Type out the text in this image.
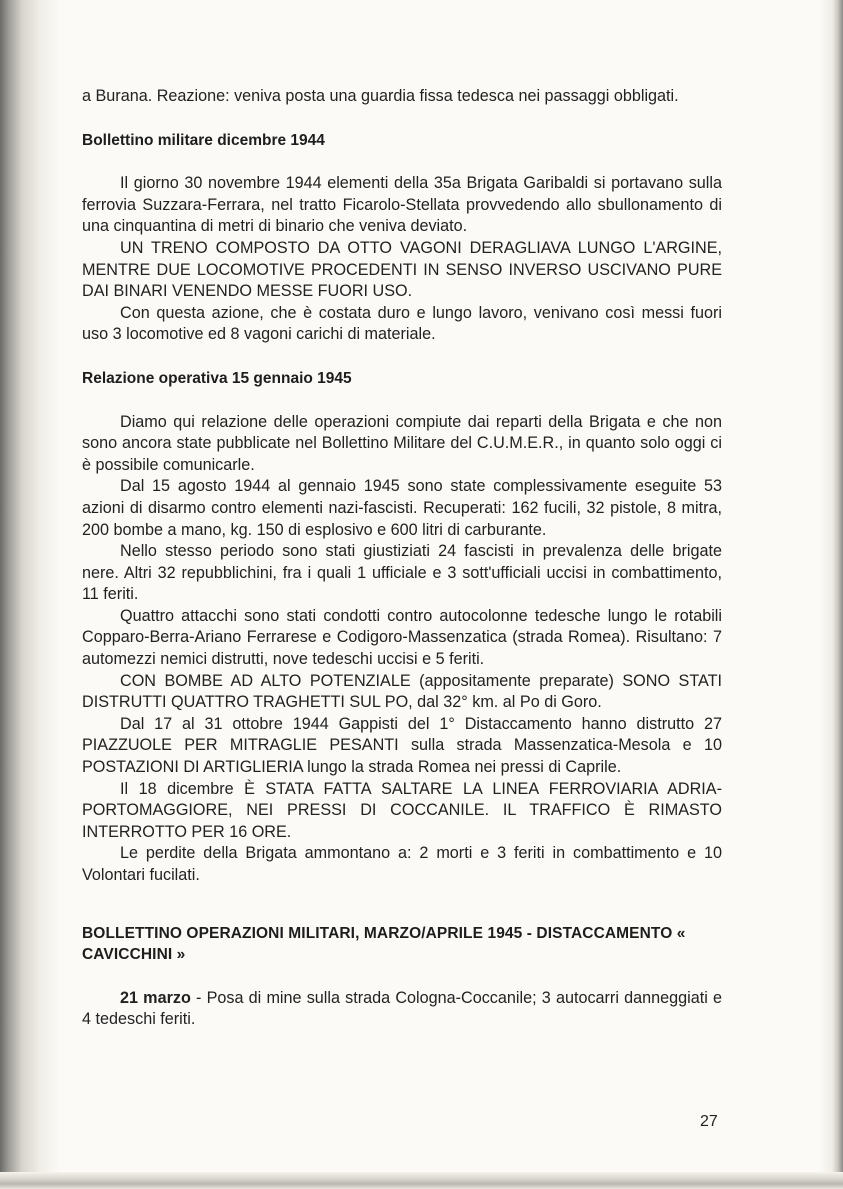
a Burana. Reazione: veniva posta una guardia fissa tedesca nei passaggi obbligati.

Bollettino militare dicembre 1944

Il giorno 30 novembre 1944 elementi della 35a Brigata Garibaldi si portavano sulla ferrovia Suzzara-Ferrara, nel tratto Ficarolo-Stellata provvedendo allo sbullonamento di una cinquantina di metri di binario che veniva deviato.

UN TRENO COMPOSTO DA OTTO VAGONI DERAGLIAVA LUNGO L'ARGINE, MENTRE DUE LOCOMOTIVE PROCEDENTI IN SENSO INVERSO USCIVANO PURE DAI BINARI VENENDO MESSE FUORI USO.

Con questa azione, che è costata duro e lungo lavoro, venivano così messi fuori uso 3 locomotive ed 8 vagoni carichi di materiale.

Relazione operativa 15 gennaio 1945

Diamo qui relazione delle operazioni compiute dai reparti della Brigata e che non sono ancora state pubblicate nel Bollettino Militare del C.U.M.E.R., in quanto solo oggi ci è possibile comunicarle.

Dal 15 agosto 1944 al gennaio 1945 sono state complessivamente eseguite 53 azioni di disarmo contro elementi nazi-fascisti. Recuperati: 162 fucili, 32 pistole, 8 mitra, 200 bombe a mano, kg. 150 di esplosivo e 600 litri di carburante.

Nello stesso periodo sono stati giustiziati 24 fascisti in prevalenza delle brigate nere. Altri 32 repubblichini, fra i quali 1 ufficiale e 3 sott'ufficiali uccisi in combattimento, 11 feriti.

Quattro attacchi sono stati condotti contro autocolonne tedesche lungo le rotabili Copparo-Berra-Ariano Ferrarese e Codigoro-Massenzatica (strada Romea). Risultano: 7 automezzi nemici distrutti, nove tedeschi uccisi e 5 feriti.

CON BOMBE AD ALTO POTENZIALE (appositamente preparate) SONO STATI DISTRUTTI QUATTRO TRAGHETTI SUL PO, dal 32° km. al Po di Goro.

Dal 17 al 31 ottobre 1944 Gappisti del 1° Distaccamento hanno distrutto 27 PIAZZUOLE PER MITRAGLIE PESANTI sulla strada Massenzatica-Mesola e 10 POSTAZIONI DI ARTIGLIERIA lungo la strada Romea nei pressi di Caprile.

Il 18 dicembre È STATA FATTA SALTARE LA LINEA FERROVIARIA ADRIA-PORTOMAGGIORE, NEI PRESSI DI COCCANILE. IL TRAFFICO È RIMASTO INTERROTTO PER 16 ORE.

Le perdite della Brigata ammontano a: 2 morti e 3 feriti in combattimento e 10 Volontari fucilati.

BOLLETTINO OPERAZIONI MILITARI, MARZO/APRILE 1945 - DISTACCAMENTO « CAVICCHINI »

21 marzo - Posa di mine sulla strada Cologna-Coccanile; 3 autocarri danneggiati e 4 tedeschi feriti.

27
